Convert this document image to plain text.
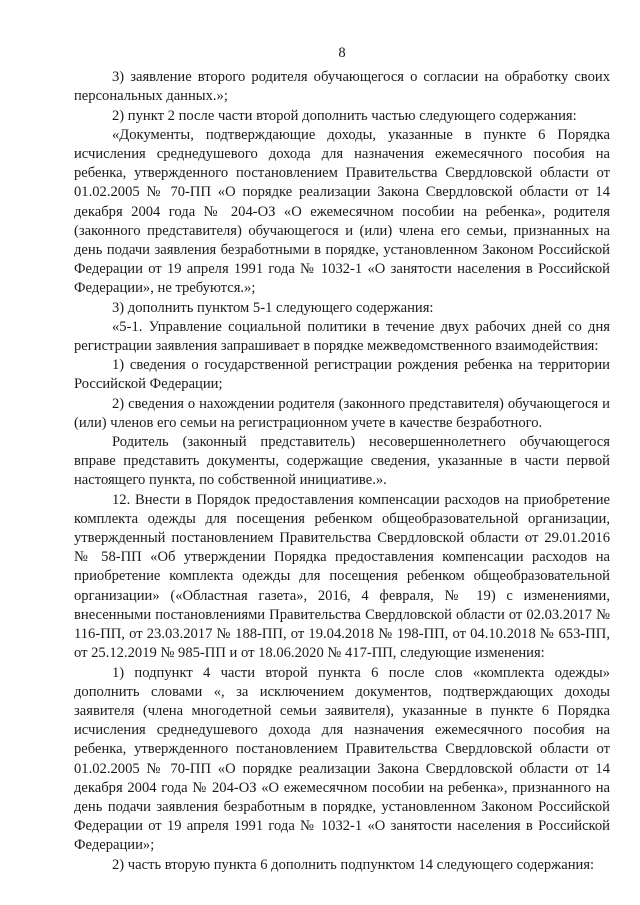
8

3) заявление второго родителя обучающегося о согласии на обработку своих персональных данных.»;

2) пункт 2 после части второй дополнить частью следующего содержания:

«Документы, подтверждающие доходы, указанные в пункте 6 Порядка исчисления среднедушевого дохода для назначения ежемесячного пособия на ребенка, утвержденного постановлением Правительства Свердловской области от 01.02.2005 № 70-ПП «О порядке реализации Закона Свердловской области от 14 декабря 2004 года № 204-ОЗ «О ежемесячном пособии на ребенка», родителя (законного представителя) обучающегося и (или) члена его семьи, признанных на день подачи заявления безработными в порядке, установленном Законом Российской Федерации от 19 апреля 1991 года № 1032-1 «О занятости населения в Российской Федерации», не требуются.»;

3) дополнить пунктом 5-1 следующего содержания:

«5-1. Управление социальной политики в течение двух рабочих дней со дня регистрации заявления запрашивает в порядке межведомственного взаимодействия:

1) сведения о государственной регистрации рождения ребенка на территории Российской Федерации;

2) сведения о нахождении родителя (законного представителя) обучающегося и (или) членов его семьи на регистрационном учете в качестве безработного.

Родитель (законный представитель) несовершеннолетнего обучающегося вправе представить документы, содержащие сведения, указанные в части первой настоящего пункта, по собственной инициативе.».

12. Внести в Порядок предоставления компенсации расходов на приобретение комплекта одежды для посещения ребенком общеобразовательной организации, утвержденный постановлением Правительства Свердловской области от 29.01.2016 № 58-ПП «Об утверждении Порядка предоставления компенсации расходов на приобретение комплекта одежды для посещения ребенком общеобразовательной организации» («Областная газета», 2016, 4 февраля, № 19) с изменениями, внесенными постановлениями Правительства Свердловской области от 02.03.2017 № 116-ПП, от 23.03.2017 № 188-ПП, от 19.04.2018 № 198-ПП, от 04.10.2018 № 653-ПП, от 25.12.2019 № 985-ПП и от 18.06.2020 № 417-ПП, следующие изменения:

1) подпункт 4 части второй пункта 6 после слов «комплекта одежды» дополнить словами «, за исключением документов, подтверждающих доходы заявителя (члена многодетной семьи заявителя), указанные в пункте 6 Порядка исчисления среднедушевого дохода для назначения ежемесячного пособия на ребенка, утвержденного постановлением Правительства Свердловской области от 01.02.2005 № 70-ПП «О порядке реализации Закона Свердловской области от 14 декабря 2004 года № 204-ОЗ «О ежемесячном пособии на ребенка», признанного на день подачи заявления безработным в порядке, установленном Законом Российской Федерации от 19 апреля 1991 года № 1032-1 «О занятости населения в Российской Федерации»;

2) часть вторую пункта 6 дополнить подпунктом 14 следующего содержания:
